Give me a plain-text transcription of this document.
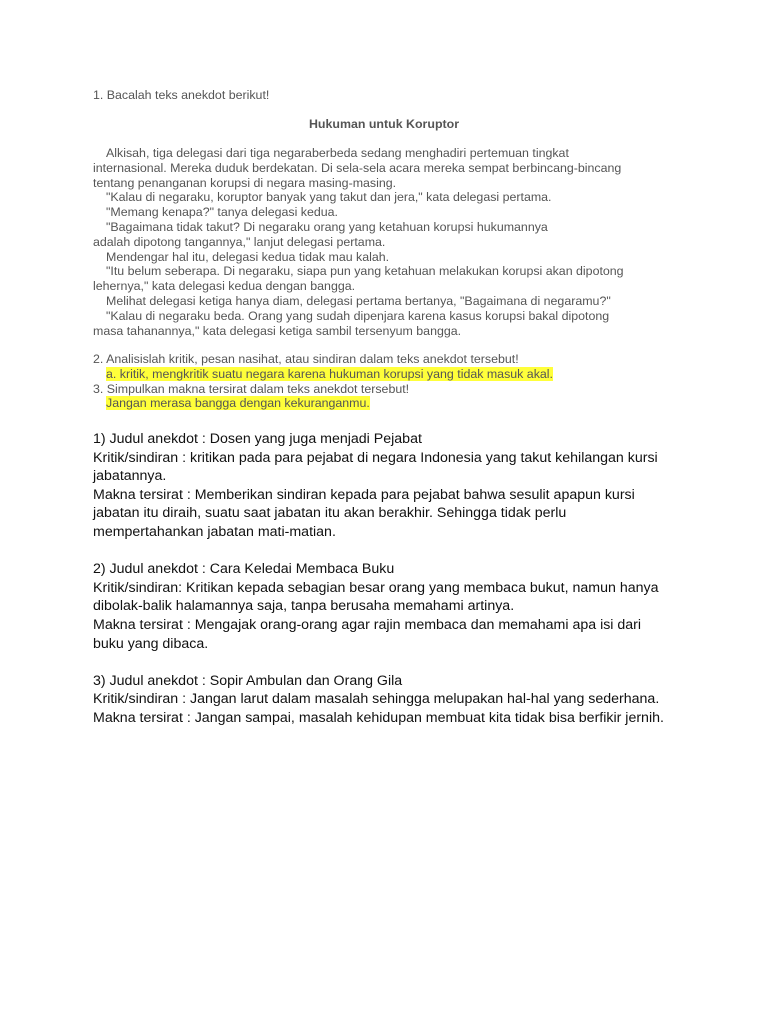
1. Bacalah teks anekdot berikut!
Hukuman untuk Koruptor

Alkisah, tiga delegasi dari tiga negaraberbeda sedang menghadiri pertemuan tingkat

internasional. Mereka duduk berdekatan. Di sela-sela acara mereka sempat berbincang-bincang

tentang penanganan korupsi di negara masing-masing.

"Kalau di negaraku, koruptor banyak yang takut dan jera," kata delegasi pertama.

"Memang kenapa?" tanya delegasi kedua.

"Bagaimana tidak takut? Di negaraku orang yang ketahuan korupsi hukumannya

adalah dipotong tangannya," lanjut delegasi pertama.

Mendengar hal itu, delegasi kedua tidak mau kalah.

"Itu belum seberapa. Di negaraku, siapa pun yang ketahuan melakukan korupsi akan dipotong

lehernya," kata delegasi kedua dengan bangga.

Melihat delegasi ketiga hanya diam, delegasi pertama bertanya, "Bagaimana di negaramu?"

"Kalau di negaraku beda. Orang yang sudah dipenjara karena kasus korupsi bakal dipotong

masa tahanannya," kata delegasi ketiga sambil tersenyum bangga.

2. Analisislah kritik, pesan nasihat, atau sindiran dalam teks anekdot tersebut!

a. kritik, mengkritik suatu negara karena hukuman korupsi yang tidak masuk akal.

3. Simpulkan makna tersirat dalam teks anekdot tersebut!

Jangan merasa bangga dengan kekuranganmu.

1) Judul anekdot : Dosen yang juga menjadi Pejabat

Kritik/sindiran : kritikan pada para pejabat di negara Indonesia yang takut kehilangan kursi jabatannya.

Makna tersirat : Memberikan sindiran kepada para pejabat bahwa sesulit apapun kursi jabatan itu diraih, suatu saat jabatan itu akan berakhir. Sehingga tidak perlu mempertahankan jabatan mati-matian.

2) Judul anekdot : Cara Keledai Membaca Buku

Kritik/sindiran: Kritikan kepada sebagian besar orang yang membaca bukut, namun hanya dibolak-balik halamannya saja, tanpa berusaha memahami artinya.

Makna tersirat : Mengajak orang-orang agar rajin membaca dan memahami apa isi dari buku yang dibaca.

3) Judul anekdot : Sopir Ambulan dan Orang Gila

Kritik/sindiran : Jangan larut dalam masalah sehingga melupakan hal-hal yang sederhana.

Makna tersirat : Jangan sampai, masalah kehidupan membuat kita tidak bisa berfikir jernih.
